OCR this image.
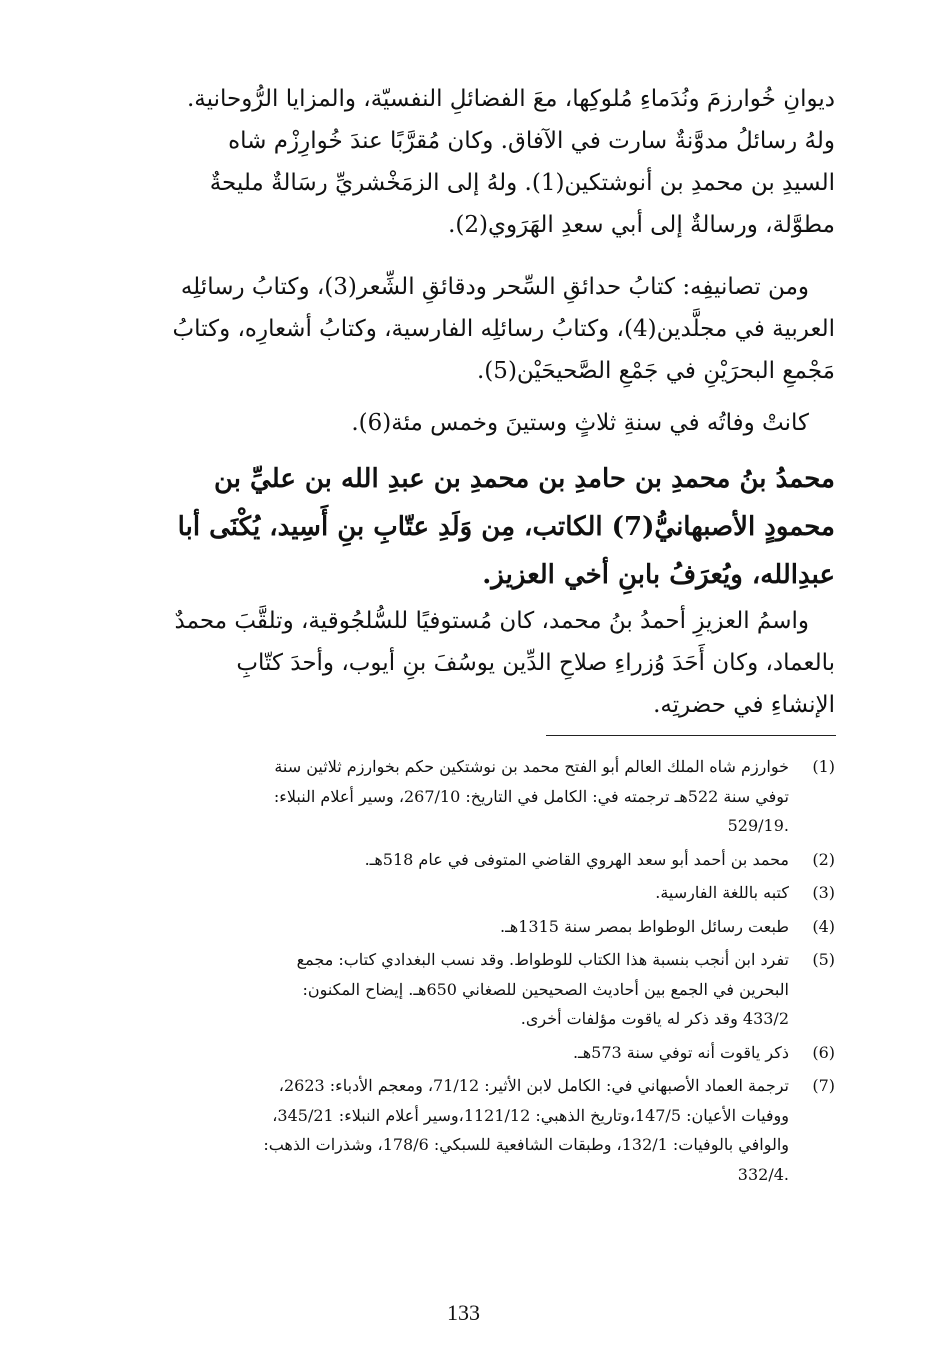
ديوانِ خُوارزمَ ونُدَماءِ مُلوكِها، معَ الفضائلِ النفسيّة، والمزايا الرُّوحانية.
ولهُ رسائلُ مدوَّنةٌ سارت في الآفاق. وكان مُقرَّبًا عندَ خُوارِزْم شاه
السيدِ بن محمدِ بن أنوشتكين(1). ولهُ إلى الزمَخْشريِّ رسَالةٌ مليحةٌ
مطوَّلة، ورسالةٌ إلى أبي سعدِ الهَرَوي(2).
ومن تصانيفِه: كتابُ حدائقِ السِّحر ودقائقِ الشِّعر(3)، وكتابُ رسائلِه
العربية في مجلَّدين(4)، وكتابُ رسائلِه الفارسية، وكتابُ أشعارِه، وكتابُ
مَجْمعِ البحرَيْنِ في جَمْعِ الصَّحيحَيْن(5).
كانتْ وفاتُه في سنةِ ثلاثٍ وستينَ وخمس مئة(6).
محمدُ بنُ محمدِ بن حامدِ بن محمدِ بن عبدِ الله بن عليِّ بن
محمودٍ الأصبهانيُّ(7) الكاتب، مِن وَلَدِ عتّابِ بنِ أَسِيد، يُكْنَى أبا
عبدِالله، ويُعرَفُ بابنِ أخي العزيز.
واسمُ العزيزِ أحمدُ بنُ محمد، كان مُستوفيًا للسُّلجُوقية، وتلقَّبَ محمدٌ
بالعماد، وكان أَحَدَ وُزراءِ صلاحِ الدِّين يوسُفَ بنِ أيوب، وأحدَ كتّابِ
الإنشاءِ في حضرتِه.
(1)
خوارزم شاه الملك العالم أبو الفتح محمد بن نوشتكين حكم بخوارزم ثلاثين سنة
توفي سنة 522هـ ترجمته في: الكامل في التاريخ: 267/10، وسير أعلام النبلاء:
.529/19
(2)
محمد بن أحمد أبو سعد الهروي القاضي المتوفى في عام 518هـ.
(3)
كتبه باللغة الفارسية.
(4)
طبعت رسائل الوطواط بمصر سنة 1315هـ.
(5)
تفرد ابن أنجب بنسبة هذا الكتاب للوطواط. وقد نسب البغدادي كتاب: مجمع
البحرين في الجمع بين أحاديث الصحيحين للصغاني 650هـ. إيضاح المكنون:
433/2 وقد ذكر له ياقوت مؤلفات أخرى.
(6)
ذكر ياقوت أنه توفي سنة 573هـ.
(7)
ترجمة العماد الأصبهاني في: الكامل لابن الأثير: 71/12، ومعجم الأدباء: 2623،
ووفيات الأعيان: 147/5،وتاريخ الذهبي: 1121/12،وسير أعلام النبلاء: 345/21،
والوافي بالوفيات: 132/1، وطبقات الشافعية للسبكي: 178/6، وشذرات الذهب:
.332/4
133
